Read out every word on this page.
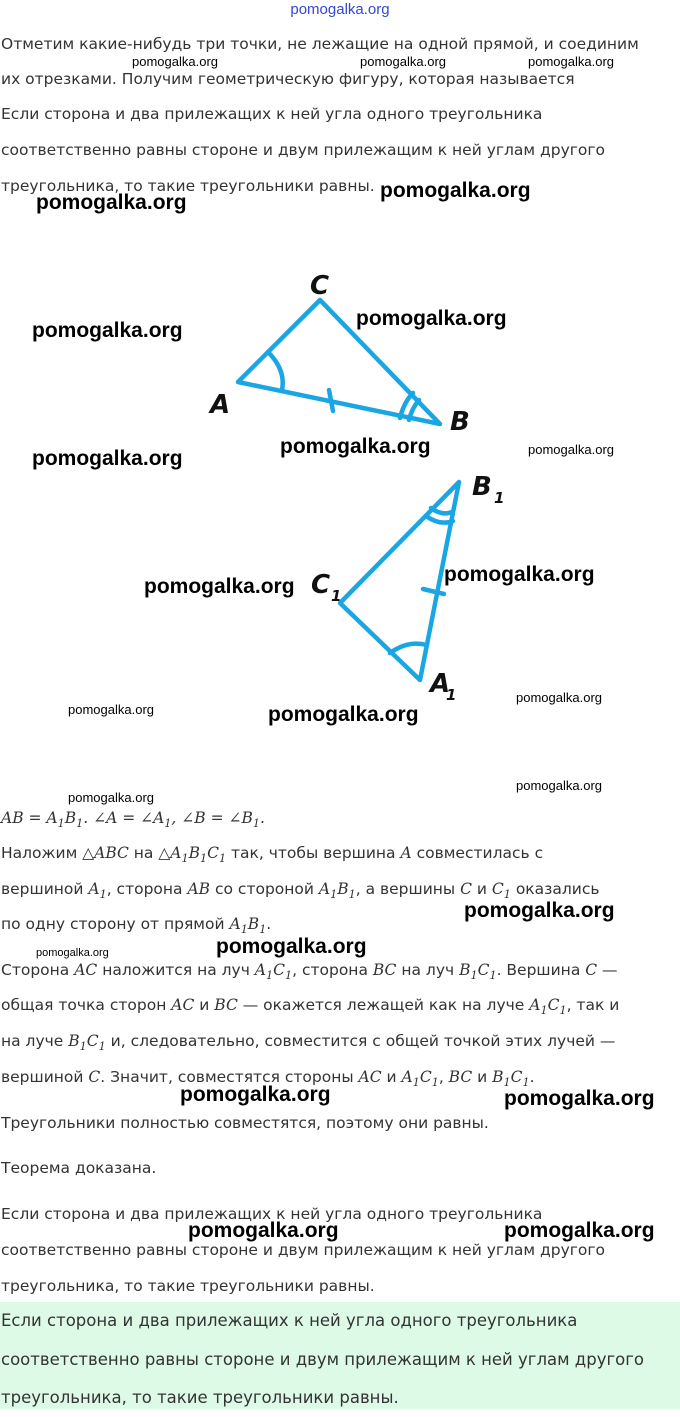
pomogalka.org

Отметим какие-нибудь три точки, не лежащие на одной прямой, и соединим

их отрезками. Получим геометрическую фигуру, которая называется

Если сторона и два прилежащих к ней угла одного треугольника

соответственно равны стороне и двум прилежащим к ней углам другого

треугольника, то такие треугольники равны.

C
A
B
B 1
C 1
A
1

AB = $A_1B_1$. ∠A = $\angle A_1$, ∠B = $\angle B_1$.

Наложим △ABC на $\triangle A_1B_1C_1$ так, чтобы вершина A совместилась с

вершиной $A_1$, сторона AB со стороной $A_1B_1$, а вершины C и $C_1$ оказались

по одну сторону от прямой $A_1B_1$.

Сторона AC наложится на луч $A_1C_1$, сторона BC на луч $B_1C_1$. Вершина C —

общая точка сторон AC и BC — окажется лежащей как на луче $A_1C_1$, так и

на луче $B_1C_1$ и, следовательно, совместится с общей точкой этих лучей —

вершиной C. Значит, совместятся стороны AC и $A_1C_1$, BC и $B_1C_1$.

Треугольники полностью совместятся, поэтому они равны.

Теорема доказана.

Если сторона и два прилежащих к ней угла одного треугольника

соответственно равны стороне и двум прилежащим к ней углам другого

треугольника, то такие треугольники равны.

Если сторона и два прилежащих к ней угла одного треугольника

соответственно равны стороне и двум прилежащим к ней углам другого

треугольника, то такие треугольники равны.

pomogalka.org	pomogalka.org	pomogalka.org
pomogalka.org
pomogalka.org
pomogalka.org
pomogalka.org
pomogalka.org	pomogalka.org
pomogalka.org
pomogalka.org
pomogalka.org
pomogalka.org
pomogalka.org	pomogalka.org
pomogalka.org
pomogalka.org
pomogalka.org
pomogalka.org
pomogalka.org
pomogalka.org	pomogalka.org
pomogalka.org	pomogalka.org
